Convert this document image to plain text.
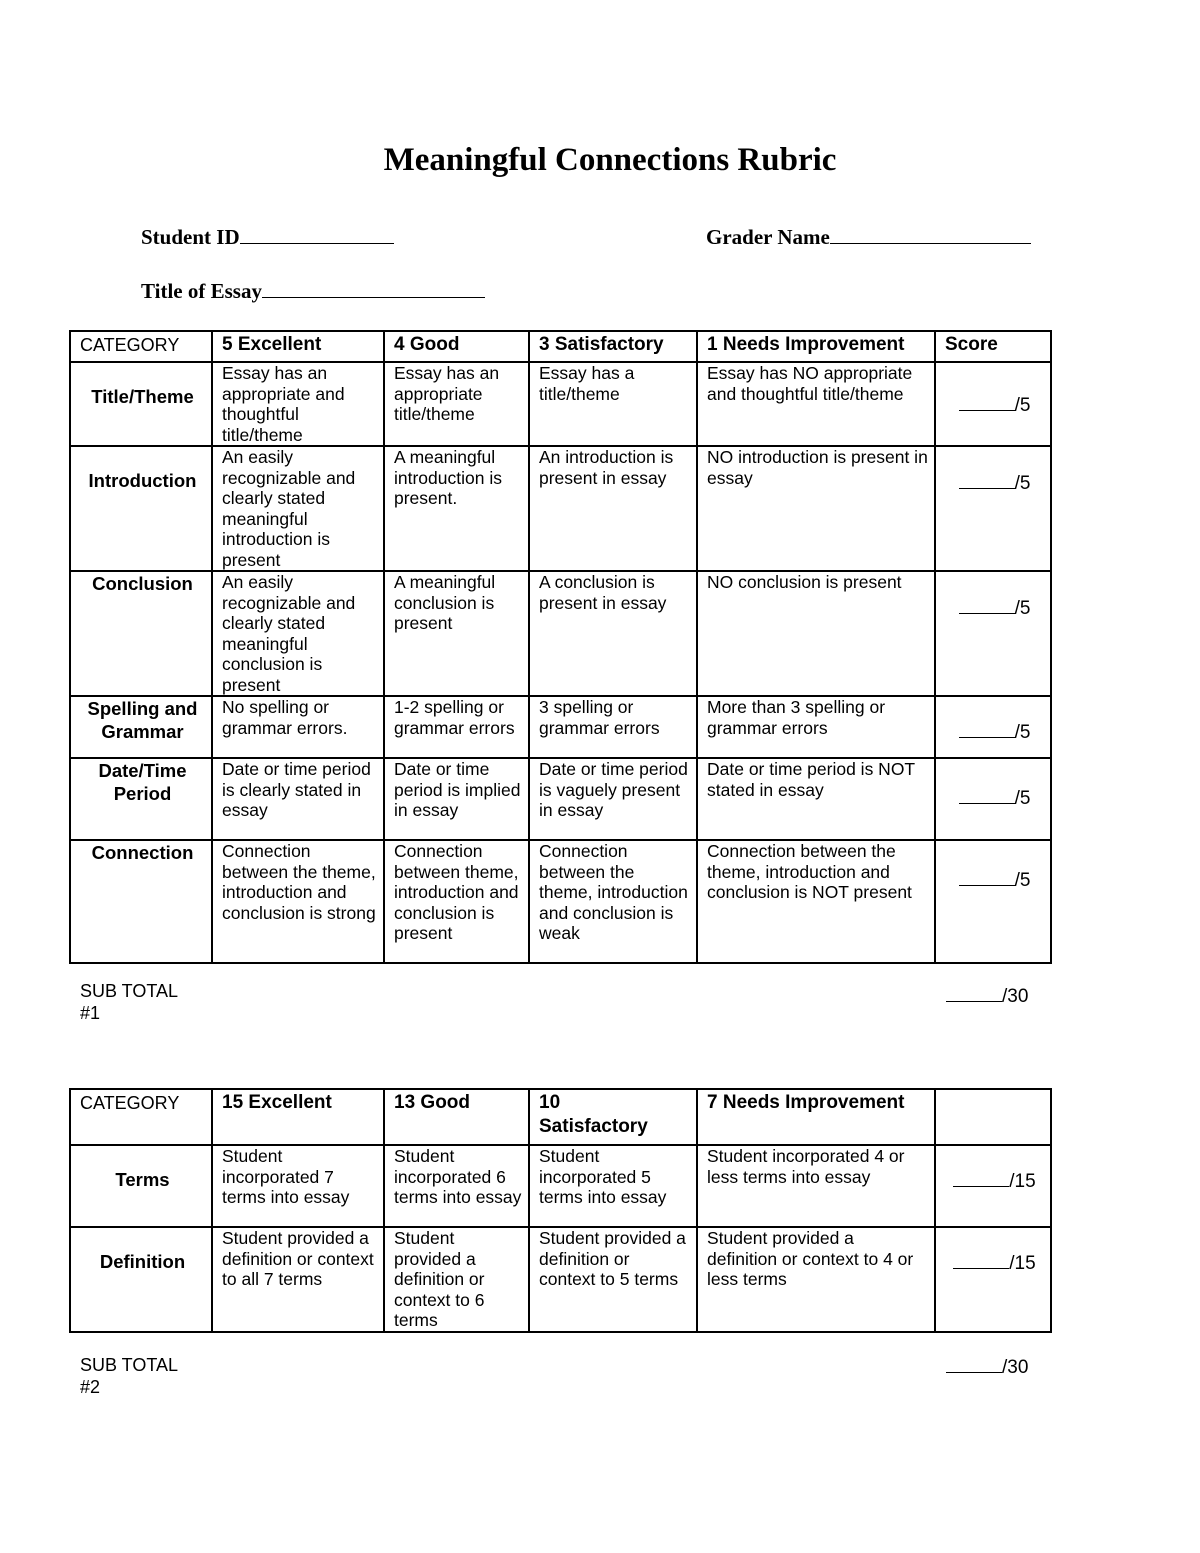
Meaningful Connections Rubric
Student ID	Grader Name
Title of Essay
CATEGORY	5 Excellent	4 Good	3 Satisfactory	1 Needs Improvement	Score
Title/Theme	Essay has an appropriate and thoughtful title/theme	Essay has an appropriate title/theme	Essay has a title/theme	Essay has NO appropriate and thoughtful title/theme	/5
Introduction	An easily recognizable and clearly stated meaningful introduction is present	A meaningful introduction is present.	An introduction is present in essay	NO introduction is present in essay	/5
Conclusion	An easily recognizable and clearly stated meaningful conclusion is present	A meaningful conclusion is present	A conclusion is present in essay	NO conclusion is present	/5
Spelling and Grammar	No spelling or grammar errors.	1-2 spelling or grammar errors	3 spelling or grammar errors	More than 3 spelling or grammar errors	/5
Date/Time Period	Date or time period is clearly stated in essay	Date or time period is implied in essay	Date or time period is vaguely present in essay	Date or time period is NOT stated in essay	/5
Connection	Connection between the theme, introduction and conclusion is strong	Connection between theme, introduction and conclusion is present	Connection between the theme, introduction and conclusion is weak	Connection between the theme, introduction and conclusion is NOT present	/5
SUB TOTAL #1
/30
CATEGORY	15 Excellent	13 Good	10 Satisfactory	7 Needs Improvement	
Terms	Student incorporated 7 terms into essay	Student incorporated 6 terms into essay	Student incorporated 5 terms into essay	Student incorporated 4 or less terms into essay	/15
Definition	Student provided a definition or context to all 7 terms	Student provided a definition or context to 6 terms	Student provided a definition or context to 5 terms	Student provided a definition or context to 4 or less terms	/15
SUB TOTAL #2
/30
